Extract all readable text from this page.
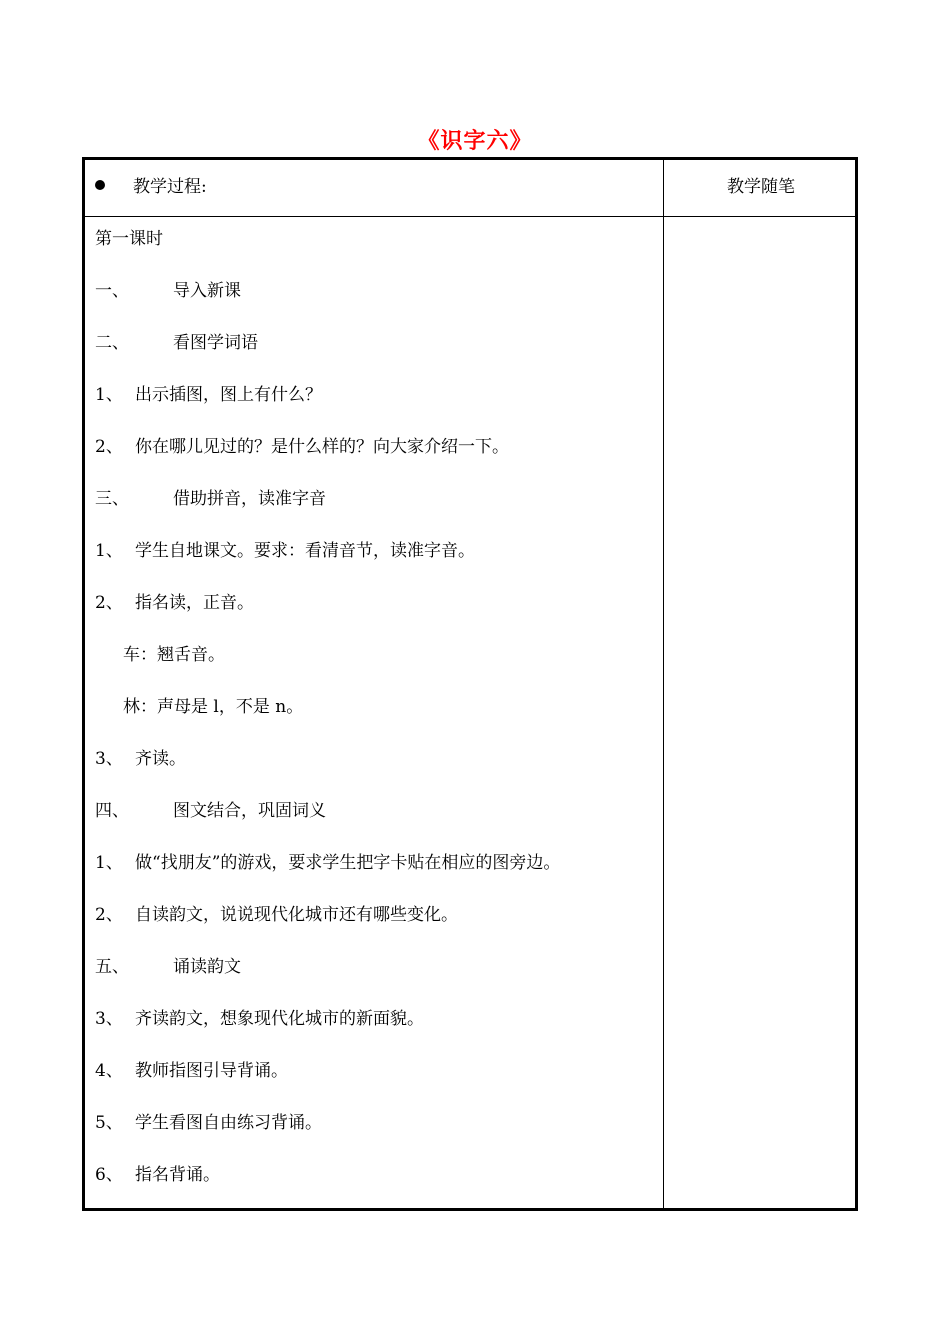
《识字六》
教学过程:	教学随笔
第一课时
一、	导入新课
二、	看图学词语
1、 出示插图，图上有什么？
2、 你在哪儿见过的？是什么样的？向大家介绍一下。
三、	借助拼音，读准字音
1、 学生自地课文。要求：看清音节，读准字音。
2、 指名读，正音。
车：翘舌音。
林：声母是 l，不是 n。
3、 齐读。
四、	图文结合，巩固词义
1、 做“找朋友”的游戏，要求学生把字卡贴在相应的图旁边。
2、 自读韵文，说说现代化城市还有哪些变化。
五、	诵读韵文
3、 齐读韵文，想象现代化城市的新面貌。
4、 教师指图引导背诵。
5、 学生看图自由练习背诵。
6、 指名背诵。
